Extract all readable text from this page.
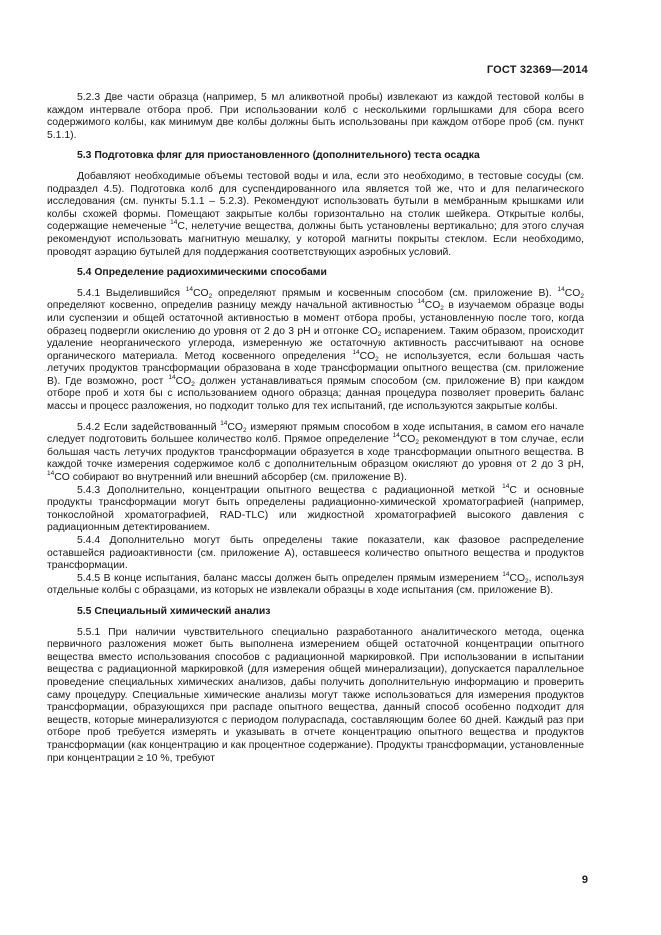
ГОСТ 32369—2014

5.2.3 Две части образца (например, 5 мл аликвотной пробы) извлекают из каждой тестовой колбы в каждом интервале отбора проб. При использовании колб с несколькими горлышками для сбора всего содержимого колбы, как минимум две колбы должны быть использованы при каждом отборе проб (см. пункт 5.1.1).

5.3 Подготовка фляг для приостановленного (дополнительного) теста осадка

Добавляют необходимые объемы тестовой воды и ила, если это необходимо, в тестовые сосуды (см. подраздел 4.5). Подготовка колб для суспендированного ила является той же, что и для пелагического исследования (см. пункты 5.1.1 – 5.2.3). Рекомендуют использовать бутыли в мембранным крышками или колбы схожей формы. Помещают закрытые колбы горизонтально на столик шейкера. Открытые колбы, содержащие немеченые $^{14}$C, нелетучие вещества, должны быть установлены вертикально; для этого случая рекомендуют использовать магнитную мешалку, у которой магниты покрыты стеклом. Если необходимо, проводят аэрацию бутылей для поддержания соответствующих аэробных условий.

5.4 Определение радиохимическими способами

5.4.1 Выделившийся $^{14}CO_2$ определяют прямым и косвенным способом (см. приложение В). $^{14}CO_2$ определяют косвенно, определив разницу между начальной активностью $^{14}CO_2$ в изучаемом образце воды или суспензии и общей остаточной активностью в момент отбора пробы, установленную после того, когда образец подвергли окислению до уровня от 2 до 3 pH и отгонке $CO_2$ испарением. Таким образом, происходит удаление неорганического углерода, измеренную же остаточную активность рассчитывают на основе органического материала. Метод косвенного определения $^{14}CO_2$ не используется, если большая часть летучих продуктов трансформации образована в ходе трансформации опытного вещества (см. приложение В). Где возможно, рост $^{14}CO_2$ должен устанавливаться прямым способом (см. приложение В) при каждом отборе проб и хотя бы с использованием одного образца; данная процедура позволяет проверить баланс массы и процесс разложения, но подходит только для тех испытаний, где используются закрытые колбы.

5.4.2 Если задействованный $^{14}CO_2$ измеряют прямым способом в ходе испытания, в самом его начале следует подготовить большее количество колб. Прямое определение $^{14}CO_2$ рекомендуют в том случае, если большая часть летучих продуктов трансформации образуется в ходе трансформации опытного вещества. В каждой точке измерения содержимое колб с дополнительным образцом окисляют до уровня от 2 до 3 pH, $^{14}$CO собирают во внутренний или внешний абсорбер (см. приложение В).

5.4.3 Дополнительно, концентрации опытного вещества с радиационной меткой $^{14}$C и основные продукты трансформации могут быть определены радиационно-химической хроматографией (например, тонкослойной хроматографией, RAD-TLC) или жидкостной хроматографией высокого давления с радиационным детектированием.

5.4.4 Дополнительно могут быть определены такие показатели, как фазовое распределение оставшейся радиоактивности (см. приложение А), оставшееся количество опытного вещества и продуктов трансформации.

5.4.5 В конце испытания, баланс массы должен быть определен прямым измерением $^{14}CO_2$, используя отдельные колбы с образцами, из которых не извлекали образцы в ходе испытания (см. приложение В).

5.5 Специальный химический анализ

5.5.1 При наличии чувствительного специально разработанного аналитического метода, оценка первичного разложения может быть выполнена измерением общей остаточной концентрации опытного вещества вместо использования способов с радиационной маркировкой. При использовании в испытании вещества с радиационной маркировкой (для измерения общей минерализации), допускается параллельное проведение специальных химических анализов, дабы получить дополнительную информацию и проверить саму процедуру. Специальные химические анализы могут также использоваться для измерения продуктов трансформации, образующихся при распаде опытного вещества, данный способ особенно подходит для веществ, которые минерализуются с периодом полураспада, составляющим более 60 дней. Каждый раз при отборе проб требуется измерять и указывать в отчете концентрацию опытного вещества и продуктов трансформации (как концентрацию и как процентное содержание). Продукты трансформации, установленные при концентрации ≥ 10 %, требуют

9
